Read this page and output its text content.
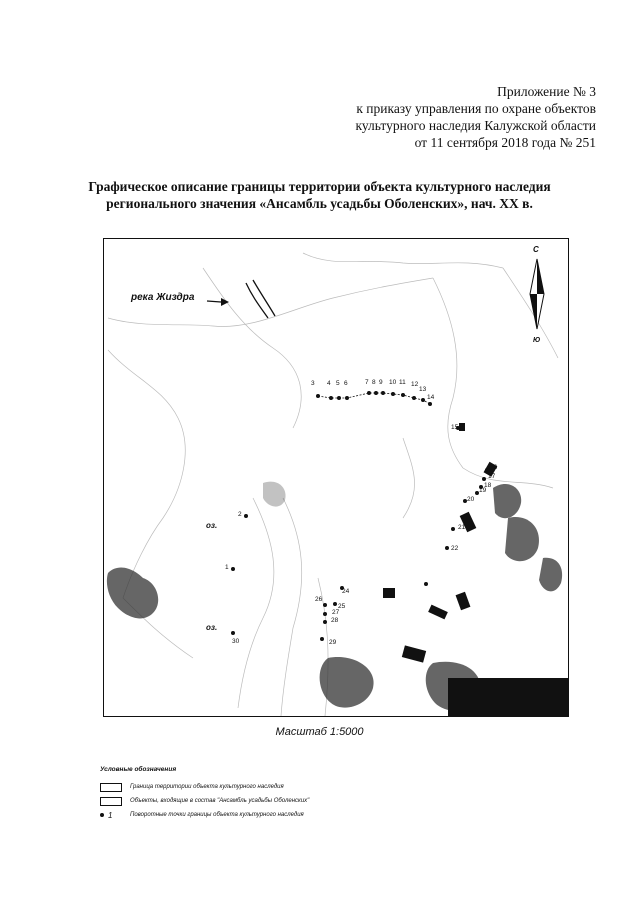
Приложение № 3
к приказу управления по охране объектов
культурного наследия Калужской области
от 11 сентября 2018 года № 251
Графическое описание границы территории объекта культурного наследия
регионального значения «Ансамбль усадьбы Оболенских», нач. XX в.
река Жиздра
оз.
оз.
С
Ю
1
2
3 4 5 6	7 8 9 10 11 12
13
14
15
16
17
18
19
20
21
22
24
25
26
27
28
29
30
Масштаб 1:5000
Условные обозначения
Граница территории объекта культурного наследия
Объекты, входящие в состав "Ансамбль усадьбы Оболенских"
1	Поворотные точки границы объекта культурного наследия
